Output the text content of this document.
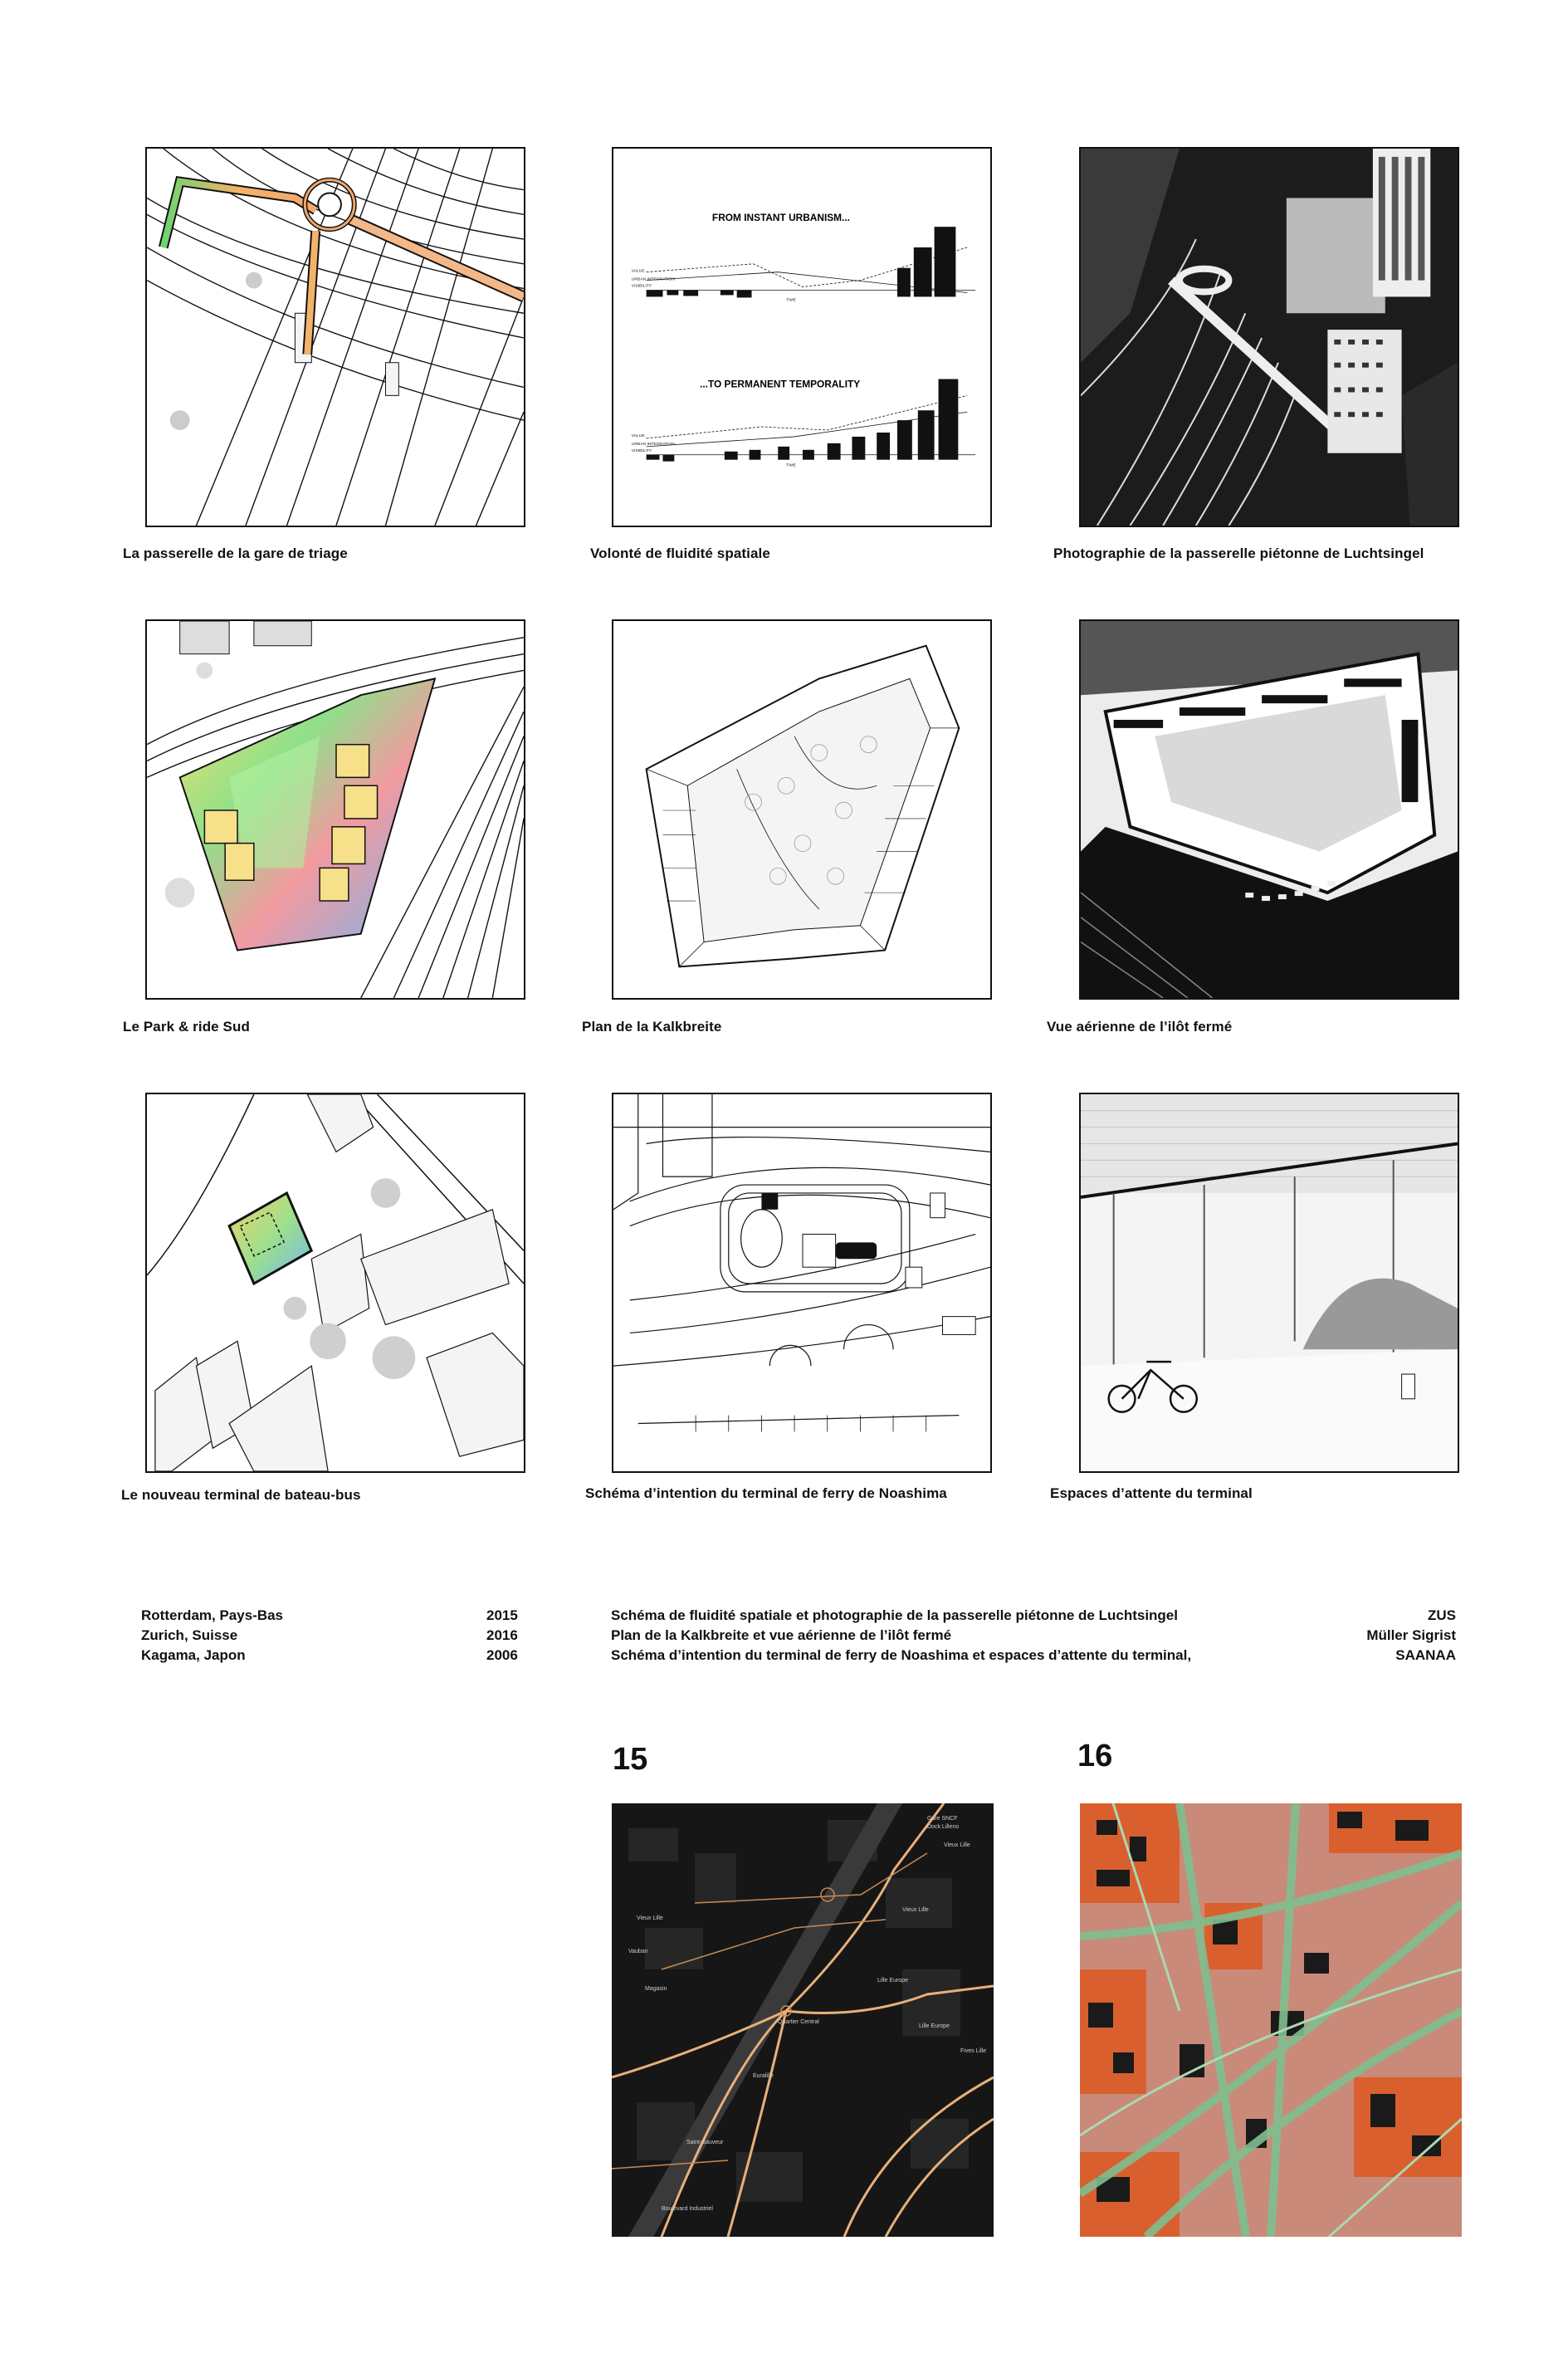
La passerelle de la gare de triage
FROM INSTANT URBANISM...
...TO PERMANENT TEMPORALITY
VALUE
URBAN INTEGRATION
VISIBILITY
TIME
VALUE
URBAN INTEGRATION
VISIBILITY
TIME
Volonté de fluidité spatiale	Photographie de la passerelle piétonne de Luchtsingel
Le Park & ride Sud	Plan de la Kalkbreite	Vue aérienne de l’ilôt fermé
Le nouveau terminal de bateau-bus	Schéma d’intention du terminal de ferry de Noashima	Espaces d’attente du terminal
Rotterdam, Pays-Bas	2015
Zurich, Suisse	2016
Kagama, Japon	2006
Schéma de fluidité spatiale et photographie de la passerelle piétonne de Luchtsingel	ZUS
Plan de la Kalkbreite et vue aérienne de l’ilôt fermé	Müller Sigrist
Schéma d’intention du terminal de ferry de Noashima et espaces d’attente du terminal,	SAANAA
15	16
Gare SNCF
Dock Lilleno
Vieux Lille
Vieux Lille
Vauban
Magasin
Vieux Lille
Lille Europe
Lille Europe
Quartier Central
Fives Lille
Euralille
Saint-Sauveur
Boulevard Industriel
